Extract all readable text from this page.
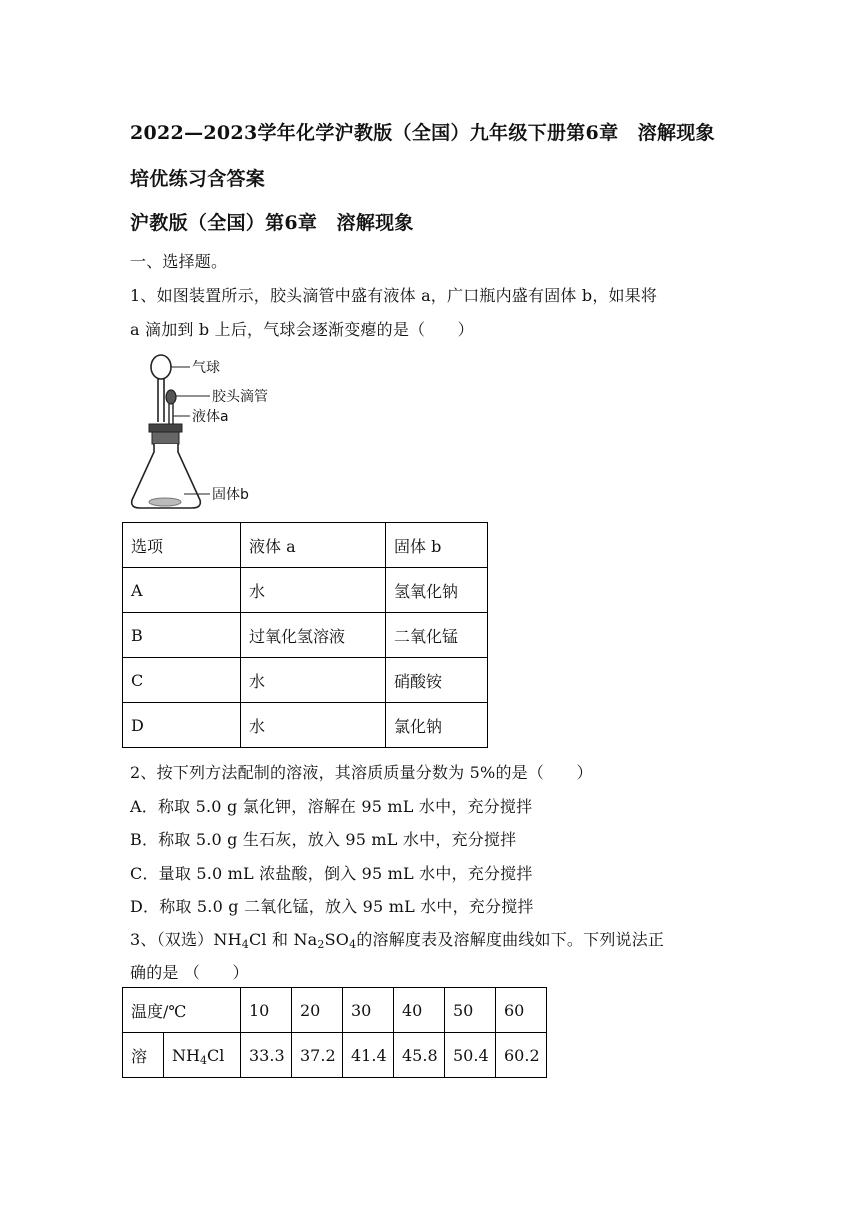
2022—2023学年化学沪教版（全国）九年级下册第6章　溶解现象
培优练习含答案
沪教版（全国）第6章　溶解现象
一、选择题。
1、如图装置所示，胶头滴管中盛有液体 a，广口瓶内盛有固体 b，如果将
a 滴加到 b 上后，气球会逐渐变瘪的是（　　）
气球
胶头滴管
液体a
固体b
选项	液体 a	固体 b
A	水	氢氧化钠
B	过氧化氢溶液	二氧化锰
C	水	硝酸铵
D	水	氯化钠
2、按下列方法配制的溶液，其溶质质量分数为 5%的是（　　）
A．称取 5.0 g 氯化钾，溶解在 95 mL 水中，充分搅拌
B．称取 5.0 g 生石灰，放入 95 mL 水中，充分搅拌
C．量取 5.0 mL 浓盐酸，倒入 95 mL 水中，充分搅拌
D．称取 5.0 g 二氧化锰，放入 95 mL 水中，充分搅拌
3、（双选）$NH_4Cl$ 和 $Na_2SO_4$的溶解度表及溶解度曲线如下。下列说法正
确的是 （　　）
温度/℃		10	20	30	40	50	60
溶	$NH_4Cl$	33.3	37.2	41.4	45.8	50.4	60.2
